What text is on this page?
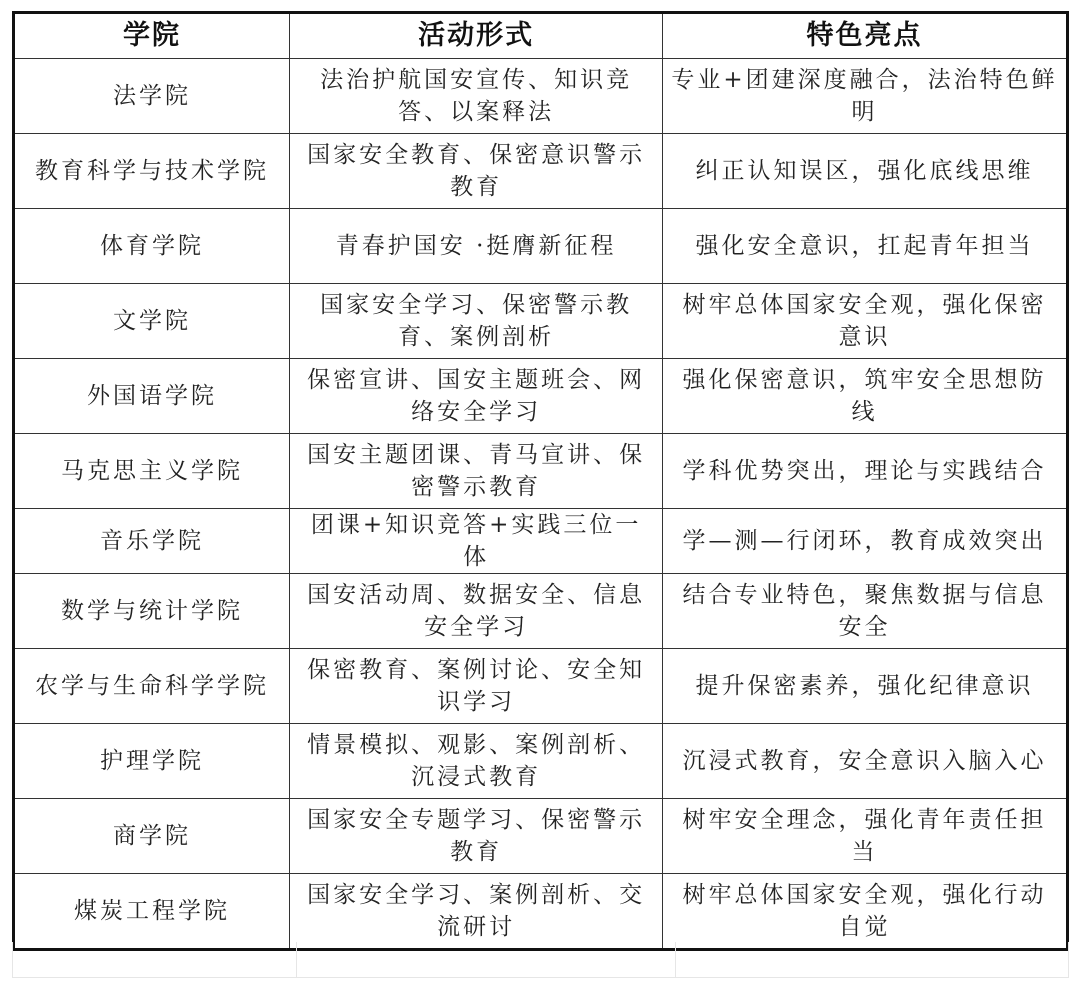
学院	活动形式	特色亮点
法学院	法治护航国安宣传、知识竞答、以案释法	专业+团建深度融合，法治特色鲜明
教育科学与技术学院	国家安全教育、保密意识警示教育	纠正认知误区，强化底线思维
体育学院	青春护国安 ·挺膺新征程	强化安全意识，扛起青年担当
文学院	国家安全学习、保密警示教育、案例剖析	树牢总体国家安全观，强化保密意识
外国语学院	保密宣讲、国安主题班会、网络安全学习	强化保密意识，筑牢安全思想防线
马克思主义学院	国安主题团课、青马宣讲、保密警示教育	学科优势突出，理论与实践结合
音乐学院	团课+知识竞答+实践三位一体	学—测—行闭环，教育成效突出
数学与统计学院	国安活动周、数据安全、信息安全学习	结合专业特色，聚焦数据与信息安全
农学与生命科学学院	保密教育、案例讨论、安全知识学习	提升保密素养，强化纪律意识
护理学院	情景模拟、观影、案例剖析、沉浸式教育	沉浸式教育，安全意识入脑入心
商学院	国家安全专题学习、保密警示教育	树牢安全理念，强化青年责任担当
煤炭工程学院	国家安全学习、案例剖析、交流研讨	树牢总体国家安全观，强化行动自觉
